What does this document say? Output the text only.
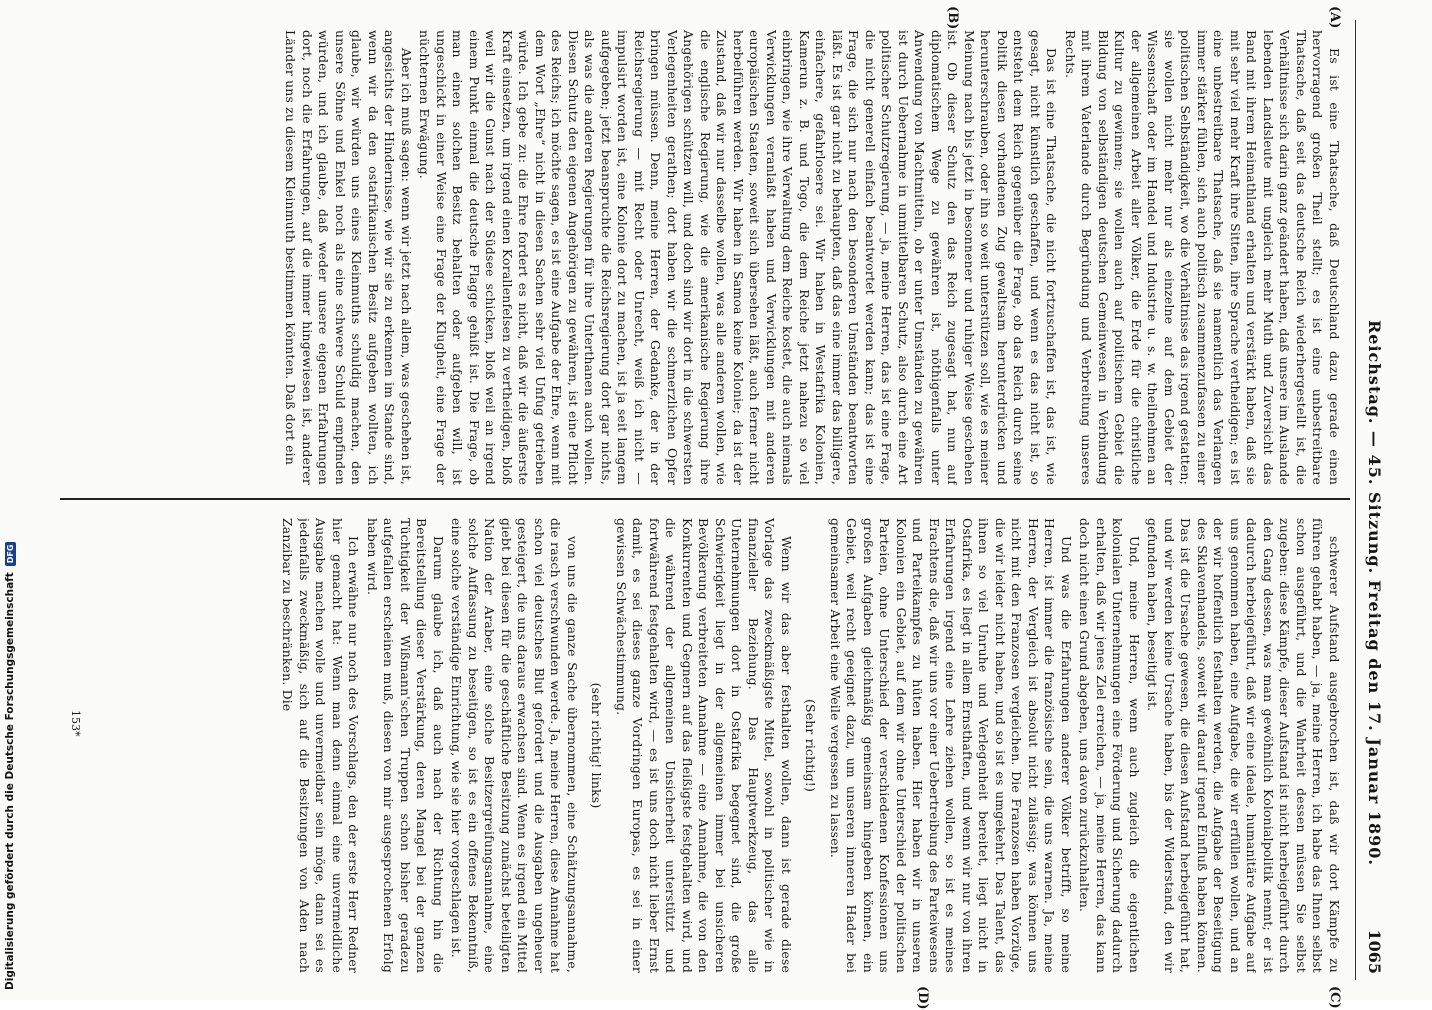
Reichstag. — 45. Sitzung.
Freitag den 17. Januar 1890.
1065
(A)
(B)
(C)
(D)

Es ist eine Thatsache, daß Deutschland dazu gerade einen hervorragend großen Theil stellt; es ist eine unbestreitbare Thatsache, daß seit das deutsche Reich wiederhergestellt ist, die Verhältnisse sich darin ganz geändert haben, daß unsere im Auslande lebenden Landsleute mit ungleich mehr Muth und Zuversicht das Band mit ihrem Heimathland erhalten und verstärkt haben, daß sie mit sehr viel mehr Kraft ihre Sitten, ihre Sprache vertheidigen; es ist eine unbestreitbare Thatsache, daß sie namentlich das Verlangen immer stärker fühlen, sich auch politisch zusammenzufassen zu einer politischen Selbständigkeit, wo die Verhältnisse das irgend gestatten; sie wollen nicht mehr nur als einzelne auf dem Gebiet der Wissenschaft oder im Handel und Industrie u. s. w. theilnehmen an der allgemeinen Arbeit aller Völker, die Erde für die christliche Kultur zu gewinnen; sie wollen auch auf politischem Gebiet die Bildung von selbständigen deutschen Gemeinwesen in Verbindung mit ihrem Vaterlande durch Begründung und Verbreitung unseres Rechts.

Das ist eine Thatsache, die nicht fortzuschaffen ist, das ist, wie gesagt, nicht künstlich geschaffen, und wenn es das nicht ist, so entsteht dem Reich gegenüber die Frage, ob das Reich durch seine Politik diesen vorhandenen Zug gewaltsam herunterdrücken und herunterschrauben, oder ihn so weit unterstützen soll, wie es meiner Meinung nach bis jetzt in besonnener und ruhiger Weise geschehen ist. Ob dieser Schutz den das Reich zugesagt hat, nun auf diplomatischem Wege zu gewähren ist, nöthigenfalls unter Anwendung von Machtmitteln, ob er unter Umständen zu gewähren ist durch Uebernahme in unmittelbaren Schutz, also durch eine Art politischer Schutzregierung, — ja, meine Herren, das ist eine Frage, die nicht generell einfach beantwortet werden kann; das ist eine Frage, die sich nur nach den besonderen Umständen beantworten läßt. Es ist gar nicht zu behaupten, daß das eine immer das billigere, einfachere, gefahrlosere sei. Wir haben in Westafrika Kolonien, Kamerun z. B. und Togo, die dem Reiche jetzt nahezu so viel einbringen, wie ihre Verwaltung dem Reiche kostet, die auch niemals Verwicklungen veranlaßt haben und Verwicklungen mit anderen europäischen Staaten, soweit sich übersehen läßt, auch ferner nicht herbeiführen werden. Wir haben in Samoa keine Kolonie; da ist der Zustand, daß wir nur dasselbe wollen, was alle anderen wollen, wie die englische Regierung, wie die amerikanische Regierung ihre Angehörigen schützen will, und doch sind wir dort in die schwersten Verlegenheiten gerathen; dort haben wir die schmerzlichen Opfer bringen müssen. Denn, meine Herren, der Gedanke, der in der Reichsregierung — mit Recht oder Unrecht, weiß ich nicht — impulsirt worden ist, eine Kolonie dort zu machen, ist ja seit langem aufgegeben; jetzt beanspruchte die Reichsregierung dort gar nichts, als was die anderen Regierungen für ihre Unterthanen auch wollen. Diesen Schutz den eigenen Angehörigen zu gewähren, ist eine Pflicht des Reichs; ich möchte sagen, es ist eine Aufgabe der Ehre, wenn mit dem Wort „Ehre“ nicht in diesen Sachen sehr viel Unfug getrieben würde. Ich gebe zu: die Ehre fordert es nicht, daß wir die äußerste Kraft einsetzen, um irgend einen Korallenfelsen zu vertheidigen, bloß weil wir die Gunst nach der Südsee schicken, bloß weil an irgend einem Punkt einmal die deutsche Flagge gehißt ist. Die Frage, ob man einen solchen Besitz behalten oder aufgeben will, ist ungeschickt in einer Weise eine Frage der Klugheit, eine Frage der nüchternen Erwägung.

Aber ich muß sagen: wenn wir jetzt nach allem, was geschehen ist, angesichts der Hindernisse, wie wir sie zu erkennen im Stande sind, wenn wir da den ostafrikanischen Besitz aufgeben wollten, ich glaube, wir würden uns eines Kleinmuths schuldig machen, den unsere Söhne und Enkel noch als eine schwere Schuld empfinden würden, und ich glaube, daß weder unsere eigenen Erfahrungen dort, noch die Erfahrungen, auf die immer hingewiesen ist, anderer Länder uns zu diesem Kleinmuth bestimmen könnten. Daß dort ein

schwerer Aufstand ausgebrochen ist, daß wir dort Kämpfe zu führen gehabt haben, — ja, meine Herren, ich habe das Ihnen selbst schon ausgeführt, und die Wahrheit dessen müssen Sie selbst zugeben: diese Kämpfe, dieser Aufstand ist nicht herbeigeführt durch den Gang dessen, was man gewöhnlich Kolonialpolitik nennt; er ist dadurch herbeigeführt, daß wir eine ideale, humanitäre Aufgabe auf uns genommen haben, eine Aufgabe, die wir erfüllen wollen, und an der wir hoffentlich festhalten werden, die Aufgabe der Beseitigung des Sklavenhandels, soweit wir darauf irgend Einfluß haben können. Das ist die Ursache gewesen, die diesen Aufstand herbeigeführt hat, und wir werden keine Ursache haben, bis der Widerstand, den wir gefunden haben, beseitigt ist.

Und, meine Herren, wenn auch zugleich die eigentlichen kolonialen Unternehmungen eine Förderung und Sicherung dadurch erhalten, daß wir jenes Ziel erreichen, — ja, meine Herren, das kann doch nicht einen Grund abgeben, uns davon zurückzuhalten.

Und was die Erfahrungen anderer Völker betrifft, so meine Herren, ist immer die französische sein, die uns warnen. Ja, meine Herren, der Vergleich ist absolut nicht zulässig; was können uns nicht mit den Franzosen vergleichen. Die Franzosen haben Vorzüge, die wir leider nicht haben, und so ist es umgekehrt. Das Talent, das ihnen so viel Unruhe und Verlegenheit bereitet, liegt nicht in Ostafrika, es liegt in allem Ernsthaften, und wenn wir nur von ihren Erfahrungen irgend eine Lehre ziehen wollen, so ist es meines Erachtens die, daß wir uns vor einer Uebertreibung des Parteiwesens und Parteikampfes zu hüten haben. Hier haben wir in unseren Kolonien ein Gebiet, auf dem wir ohne Unterschied der politischen Parteien, ohne Unterschied der verschiedenen Konfessionen uns großen Aufgaben gleichmäßig gemeinsam hingeben können, ein Gebiet, weil recht geeignet dazu, um unseren inneren Hader bei gemeinsamer Arbeit eine Weile vergessen zu lassen.

(Sehr richtig!)

Wenn wir das aber festhalten wollen, dann ist gerade diese Vorlage das zweckmäßigste Mittel, sowohl in politischer wie in finanzieller Beziehung. Das Hauptwerkzeug, das alle Unternehmungen dort in Ostafrika begegnet sind, die große Schwierigkeit liegt in der allgemeinen immer bei unsicheren Bevölkerung verbreiteten Annahme — eine Annahme, die von den Konkurrenten und Gegnern auf das fleißigste festgehalten wird, und die während der allgemeinen Unsicherheit unterstützt und fortwährend festgehalten wird, — es ist uns doch nicht lieber Ernst damit, es sei dieses ganze Vordringen Europas, es sei in einer gewissen Schwächestimmung.

(sehr richtig! links)

von uns die ganze Sache übernommen, eine Schätzungsannahme, die rasch verschwunden werde. Ja, meine Herren, diese Annahme hat schon viel deutsches Blut gefordert und die Ausgaben ungeheuer gesteigert, die uns daraus erwachsen sind. Wenn es irgend ein Mittel giebt bei diesen für die geschäftliche Besitzung zunächst beteiligten Nation der Araber, eine solche Besitzergreifungsannahme, eine solche Auffassung zu beseitigen, so ist es ein offenes Bekenntniß, eine solche verständige Einrichtung, wie sie hier vorgeschlagen ist.

Darum glaube ich, daß auch nach der Richtung hin die Bereitstellung dieser Verstärkung, deren Mangel bei der ganzen Tüchtigkeit der Wißmann'schen Truppen schon bisher geradezu aufgefallen erscheinen muß, diesen von mir ausgesprochenen Erfolg haben wird.

Ich erwähne nur noch des Vorschlags, den der erste Herr Redner hier gemacht hat: Wenn man denn einmal eine unvermeidliche Ausgabe machen wolle und unvermeidbar sein möge, dann sei es jedenfalls zweckmäßig, sich auf die Besitzungen von Aden nach Zanzibar zu beschränken. Die

153*
Digitalisierung gefördert durch die Deutsche ForschungsgemeinschaftDFG
